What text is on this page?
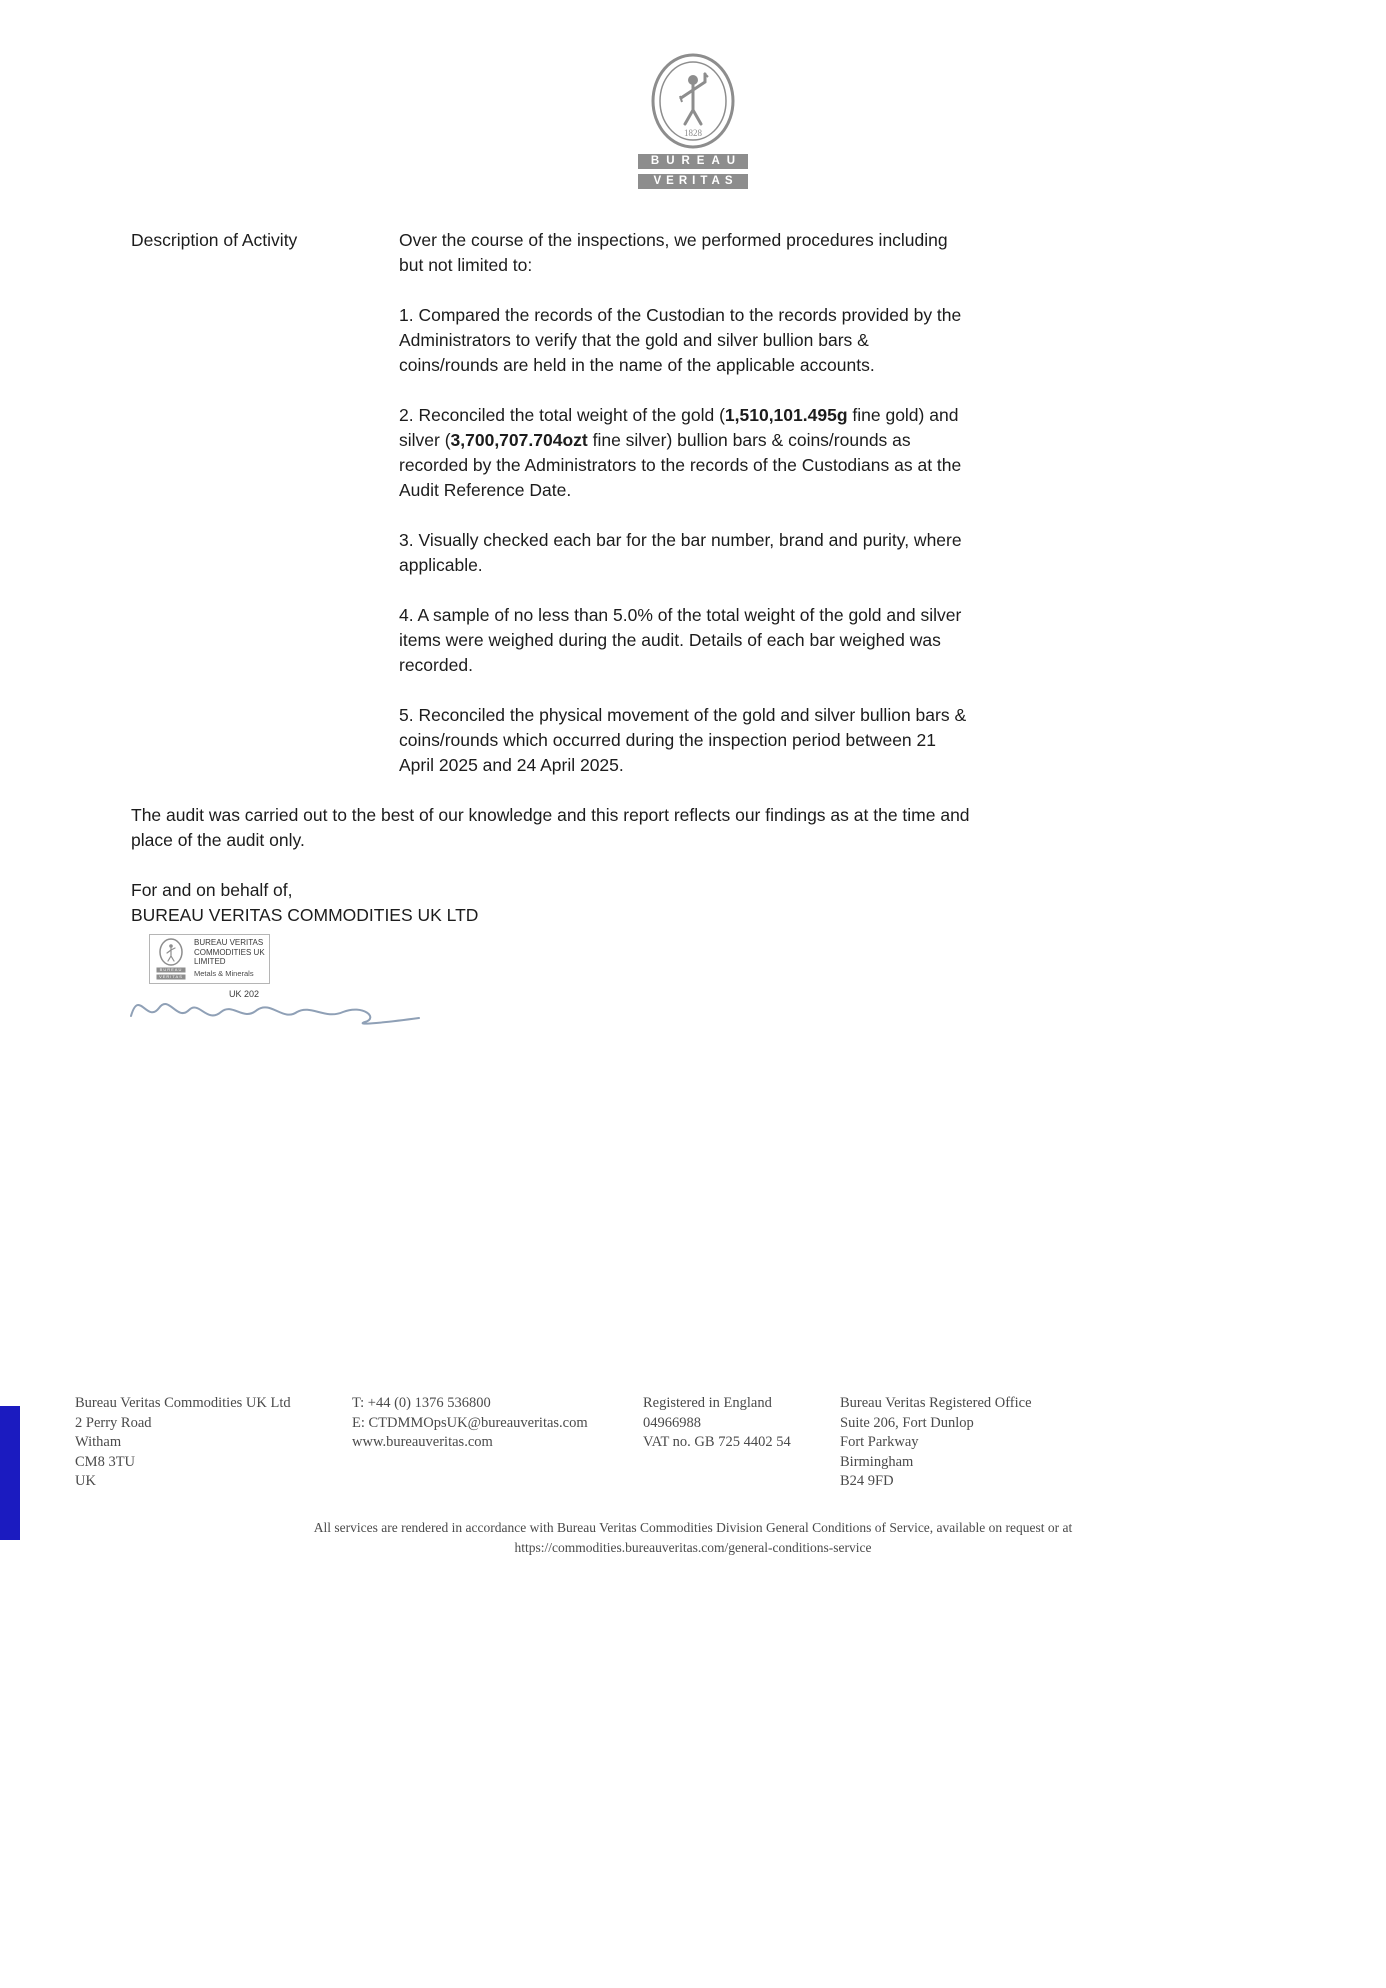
1828
BUREAU
VERITAS
Description of Activity	Over the course of the inspections, we performed procedures including but not limited to:

1. Compared the records of the Custodian to the records provided by the Administrators to verify that the gold and silver bullion bars & coins/rounds are held in the name of the applicable accounts.

2. Reconciled the total weight of the gold (1,510,101.495g fine gold) and silver (3,700,707.704ozt fine silver) bullion bars & coins/rounds as recorded by the Administrators to the records of the Custodians as at the Audit Reference Date.

3. Visually checked each bar for the bar number, brand and purity, where applicable.

4. A sample of no less than 5.0% of the total weight of the gold and silver items were weighed during the audit. Details of each bar weighed was recorded.

5. Reconciled the physical movement of the gold and silver bullion bars & coins/rounds which occurred during the inspection period between 21 April 2025 and 24 April 2025.

The audit was carried out to the best of our knowledge and this report reflects our findings as at the time and place of the audit only.

For and on behalf of,
BUREAU VERITAS COMMODITIES UK LTD

BUREAU
VERITAS
BUREAU VERITAS
COMMODITIES UK
LIMITED
Metals & Minerals
UK 202
Bureau Veritas Commodities UK Ltd
2 Perry Road
Witham
CM8 3TU
UK
T: +44 (0) 1376 536800
E: CTDMMOpsUK@bureauveritas.com
www.bureauveritas.com
Registered in England
04966988
VAT no. GB 725 4402 54
Bureau Veritas Registered Office
Suite 206, Fort Dunlop
Fort Parkway
Birmingham
B24 9FD
All services are rendered in accordance with Bureau Veritas Commodities Division General Conditions of Service, available on request or at
https://commodities.bureauveritas.com/general-conditions-service
